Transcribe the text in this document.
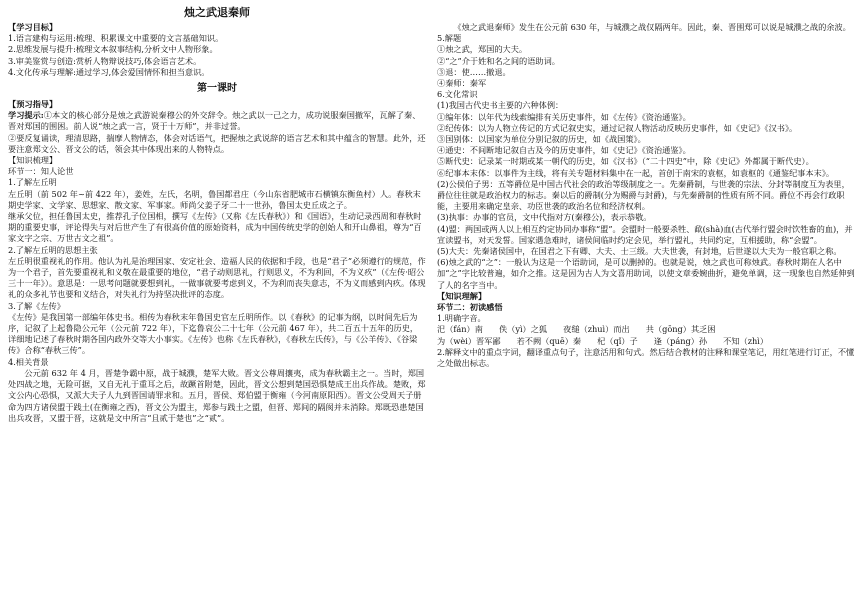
烛之武退秦师

【学习目标】

1.语言建构与运用:梳理、积累课文中重要的文言基础知识。

2.思维发展与提升:梳理文本叙事结构,分析文中人物形象。

3.审美鉴赏与创造:赏析人物辩说技巧,体会语言艺术。

4.文化传承与理解:通过学习,体会爱国情怀和担当意识。

第一课时

【预习指导】

学习提示:①本文的核心部分是烛之武游说秦穆公的外交辞令。烛之武以一己之力，成功说服秦国撤军，瓦解了秦、晋对郑国的围困。前人说“烛之武一言，贤于十万师”，并非过誉。

②要反复诵读，理清思路，揣摩人物情态，体会对话语气，把握烛之武说辞的语言艺术和其中蕴含的智慧。此外，还要注意郑文公、晋文公的话，领会其中体现出来的人物特点。

【知识梳理】

环节一：知人论世

1.了解左丘明

左丘明（前 502 年~前 422 年），姜姓，左氏，名明，鲁国都君庄（今山东省肥城市石横镇东衡鱼村）人。春秋末期史学家、文学家、思想家、散文家、军事家。师尚父姜子牙二十一世孙，鲁国太史丘成之子。

继承父位，担任鲁国太史，推荐孔子位国相，撰写《左传》（又称《左氏春秋》）和《国语》，生动记录西周和春秋时期的重要史事，评论得失与对后世产生了有很高价值的原始资料，成为中国传统史学的创始人和开山鼻祖，尊为“百家文字之宗、万世古文之祖”。

2.了解左丘明的思想主张

左丘明很重视礼的作用。他认为礼是治理国家、安定社会、造福人民的依据和手段，也是“君子”必须遵行的规范，作为一个君子，首先要重视礼和义敬在最重要的地位，“君子动则思礼，行则思义，不为利回，不为义疚”（《左传·昭公三十一年》）。意思是：一思考问题就要想到礼，一做事就要考虑到义，不为利而丧失意志，不为义而感到内疚。体现礼的众多礼节也要和义结合，对失礼行为持坚决批评的态度。

3.了解《左传》

《左传》是我国第一部编年体史书。相传为春秋末年鲁国史官左丘明所作。以《春秋》的记事为纲，以时间先后为序，记叙了上起鲁隐公元年（公元前 722 年），下迄鲁哀公二十七年（公元前 467 年），共二百五十五年的历史，详细地记述了春秋时期各国内政外交等大小事实。《左传》也称《左氏春秋》，《春秋左氏传》，与《公羊传》、《谷梁传》合称“春秋三传”。

4.相关背景

公元前 632 年 4 月，晋楚争霸中原，战于城濮，楚军大败。晋文公尊周攘夷，成为春秋霸主之一。当时，郑国处四战之地，无险可据，又自无礼于重耳之后，故蹶首附楚，因此，晋文公想到楚国恐惧楚成王出兵作战。楚败，郑文公内心恐惧，又派大夫子人九到晋国请罪求和。五月，晋侯、郑伯盟于衡雍（今河南原阳西）。晋文公受周天子册命为四方诸侯盟于践土(在衡雍之西)，晋文公为盟主，郑参与践土之盟，但晋、郑间的隔阂并未消除。郑既恐患楚国出兵攻晋，又盟于晋，这就是文中所言“且贰于楚也”之“贰”。

《烛之武退秦师》发生在公元前 630 年，与城濮之战仅隔两年。因此，秦、晋围郑可以说是城濮之战的余波。

5.解题

①烛之武，郑国的大夫。

②“之”介于姓和名之间的语助词。

③退：使……撤退。

④秦师：秦军

6.文化常识

(1)我国古代史书主要的六种体例：

①编年体：以年代为线索编排有关历史事件，如《左传》《资治通鉴》。

②纪传体：以为人物立传记的方式记叙史实，通过记叙人物活动反映历史事件，如《史记》《汉书》。

③国别体：以国家为单位分别记叙的历史，如《战国策》。

④通史：不间断地记叙自古及今的历史事件，如《史记》《资治通鉴》。

⑤断代史：记录某一时期或某一朝代的历史，如《汉书》（“二十四史”中，除《史记》外都属于断代史）。

⑥纪事本末体：以事件为主线，将有关专题材料集中在一起，首创于南宋的袁枢，如袁枢的《通鉴纪事本末》。

(2)公侯伯子男：五等爵位是中国古代社会的政治等级制度之一。先秦爵制，与世袭的宗法、分封等制度互为表里，爵位往往就是政治权力的标志。秦以后的爵制(分为赐爵与封爵)，与先秦爵制的性质有所不同。爵位不再会行政职能，主要用来确定皇亲、功臣世袭的政治名位和经济权利。

(3)执事：办事的官员，文中代指对方(秦穆公)，表示恭敬。

(4)盟：两国或两人以上相互约定协同办事称“盟”。会盟时一般要杀牲、歃(shà)血(古代举行盟会时饮牲畜的血)，并宣读盟书，对天发誓。国家遇急难时，诸侯间临时约定会见，举行盟礼，共同约定，互相援助，称“会盟”。

(5)大夫：先秦诸侯国中，在国君之下有卿、大夫、士三级。大夫世袭，有封地，后世遂以大夫为一般官职之称。

(6)烛之武的“之”：一般认为这是一个语助词，是可以删掉的。也就是说，烛之武也可称烛武。春秋时期在人名中加“之”字比较普遍，如介之推。这是因为古人为文喜用助词，以使文章委婉曲折，避免单调，这一现象也自然延伸到了人的名字当中。

【知识理解】

环节二：初读感悟

1.明确字音。

汜（fán）南 佚（yì）之狐 夜缒（zhuì）而出 共（gōng）其乏困
为（wèi）晋军鄙 若不阙（quē）秦 杞（qǐ）子 逢（páng）孙 不知（zhì）

2.解释文中的重点字词，翻译重点句子，注意活用和句式。然后结合教材的注释和课堂笔记，用红笔进行订正，不懂之处做出标志。
